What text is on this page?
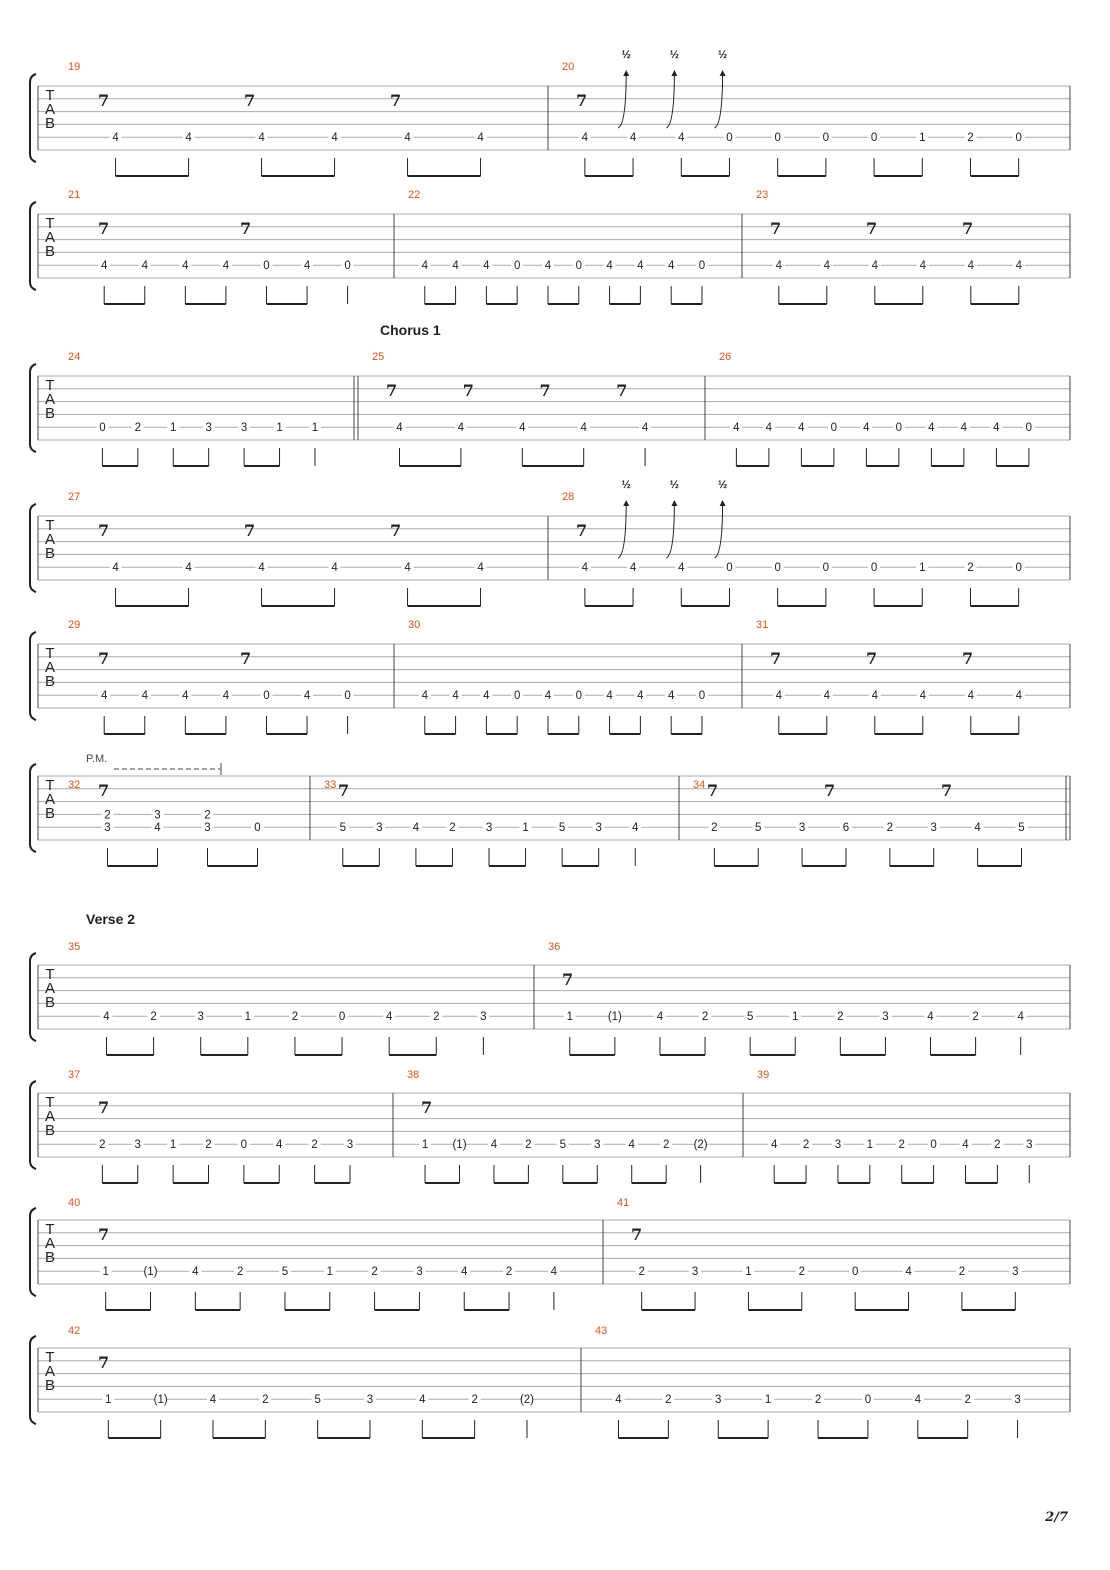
T
A
B
19
7	7	7
4	4	4	4	4	4
20
7
½	½	½
4	4	4	0	0	0	0	1	2	0
T
A
B
21
7	7
4	4	4	4	0	4	0
22
4 4 4 0 4 0 4 4 4 0
23
7	7	7
4	4	4	4	4	4
T
A
B
24
0	2	1	3	3	1	1
25
7	7	7	7
4	4	4	4	4
26
4 4 4 0 4 0 4 4 4 0
T
A
B
27
7	7	7
4	4	4	4	4	4
28
7
½	½	½
4	4	4	0	0	0	0	1	2	0
T
A
B
29
7	7
4	4	4	4	0	4	0
30
4 4 4 0 4 0 4 4 4 0
31
7	7	7
4	4	4	4	4	4
T
A
B
32 7
2
3
3
4
2
3	0
33 7
5	3	4	2	3	1	5	3	4
34 7	7	7
2	5	3	6	2	3	4	5
T
A
B
35
4	2	3	1	2	0	4	2	3
36
7
1	(1)	4	2	5	1	2	3	4	2	4
T
A
B
37
7
2	3	1	2	0	4	2	3
38
7
1 (1) 4 2 5 3 4 2 (2)
39
4 2 3 1 2 0 4 2 3
T
A
B
40
7
1	(1)	4	2	5	1	2	3	4	2	4
41
7
2	3	1	2	0	4	2	3
T
A
B
42
7
1	(1)	4	2	5	3	4	2	(2)
43
4	2	3	1	2	0	4	2	3
Chorus 1
Verse 2
P.M.
2/7
